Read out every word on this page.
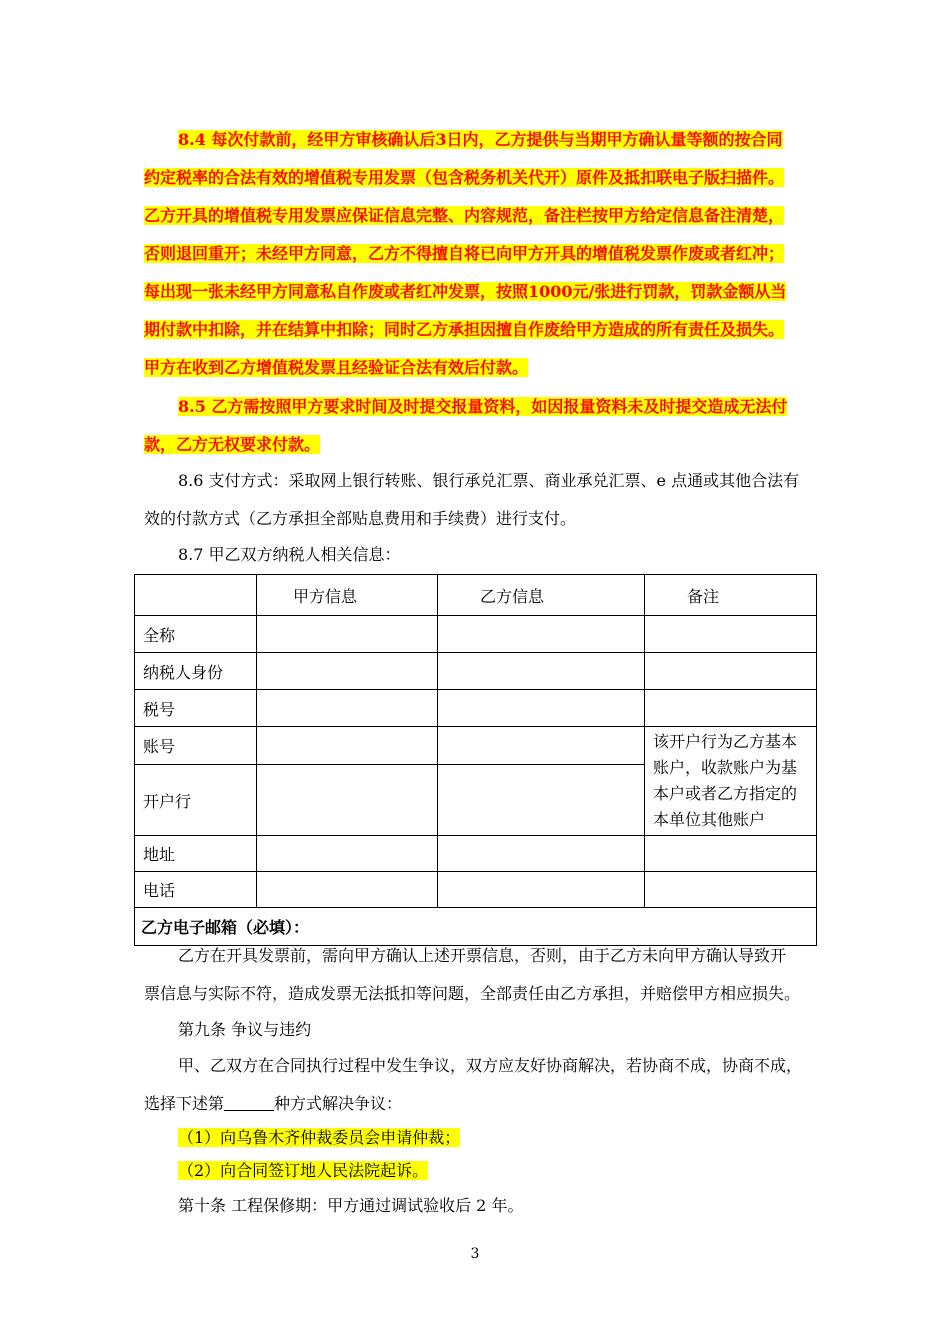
8.4 每次付款前，经甲方审核确认后3日内，乙方提供与当期甲方确认量等额的按合同
约定税率的合法有效的增值税专用发票（包含税务机关代开）原件及抵扣联电子版扫描件。
乙方开具的增值税专用发票应保证信息完整、内容规范，备注栏按甲方给定信息备注清楚，
否则退回重开；未经甲方同意，乙方不得擅自将已向甲方开具的增值税发票作废或者红冲；
每出现一张未经甲方同意私自作废或者红冲发票，按照1000元/张进行罚款，罚款金额从当
期付款中扣除，并在结算中扣除；同时乙方承担因擅自作废给甲方造成的所有责任及损失。
甲方在收到乙方增值税发票且经验证合法有效后付款。
8.5 乙方需按照甲方要求时间及时提交报量资料，如因报量资料未及时提交造成无法付
款，乙方无权要求付款。
8.6 支付方式：采取网上银行转账、银行承兑汇票、商业承兑汇票、e 点通或其他合法有
效的付款方式（乙方承担全部贴息费用和手续费）进行支付。
8.7 甲乙双方纳税人相关信息：
	甲方信息	乙方信息	备注
全称			
纳税人身份			
税号			
账号			该开户行为乙方基本账户，收款账户为基本户或者乙方指定的本单位其他账户
开户行			
地址			
电话			
乙方电子邮箱（必填）：			
乙方在开具发票前，需向甲方确认上述开票信息，否则，由于乙方未向甲方确认导致开
票信息与实际不符，造成发票无法抵扣等问题，全部责任由乙方承担，并赔偿甲方相应损失。
第九条 争议与违约
甲、乙双方在合同执行过程中发生争议，双方应友好协商解决，若协商不成，协商不成，
选择下述第	种方式解决争议：
（1）向乌鲁木齐仲裁委员会申请仲裁；
（2）向合同签订地人民法院起诉。
第十条 工程保修期：甲方通过调试验收后 2 年。
3
